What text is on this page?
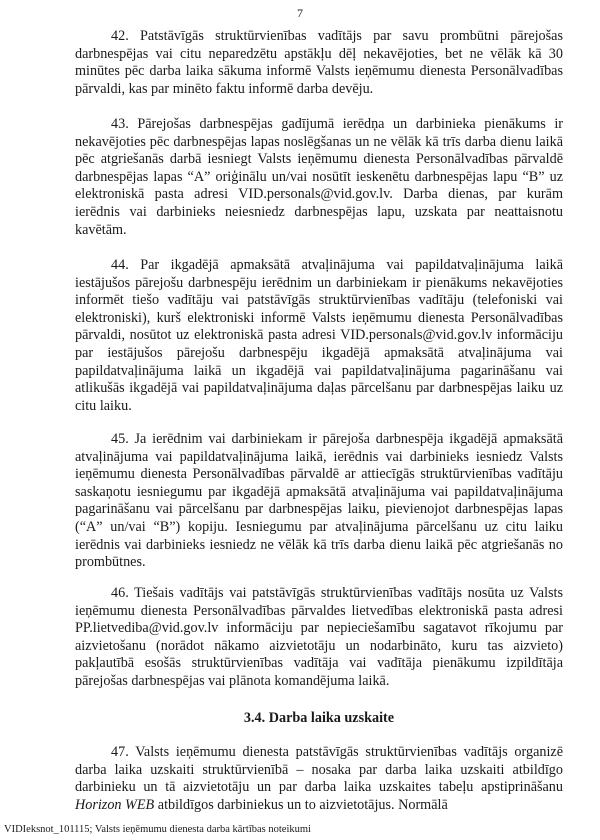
7

42. Patstāvīgās struktūrvienības vadītājs par savu prombūtni pārejošas darbnespējas vai citu neparedzētu apstākļu dēļ nekavējoties, bet ne vēlāk kā 30 minūtes pēc darba laika sākuma informē Valsts ieņēmumu dienesta Personālvadības pārvaldi, kas par minēto faktu informē darba devēju.

43. Pārejošas darbnespējas gadījumā ierēdņa un darbinieka pienākums ir nekavējoties pēc darbnespējas lapas noslēgšanas un ne vēlāk kā trīs darba dienu laikā pēc atgriešanās darbā iesniegt Valsts ieņēmumu dienesta Personālvadības pārvaldē darbnespējas lapas “A” oriģinālu un/vai nosūtīt ieskenētu darbnespējas lapu “B” uz elektroniskā pasta adresi VID.personals@vid.gov.lv. Darba dienas, par kurām ierēdnis vai darbinieks neiesniedz darbnespējas lapu, uzskata par neattaisnotu kavētām.

44. Par ikgadējā apmaksātā atvaļinājuma vai papildatvaļinājuma laikā iestājušos pārejošu darbnespēju ierēdnim un darbiniekam ir pienākums nekavējoties informēt tiešo vadītāju vai patstāvīgās struktūrvienības vadītāju (telefoniski vai elektroniski), kurš elektroniski informē Valsts ieņēmumu dienesta Personālvadības pārvaldi, nosūtot uz elektroniskā pasta adresi VID.personals@vid.gov.lv informāciju par iestājušos pārejošu darbnespēju ikgadējā apmaksātā atvaļinājuma vai papildatvaļinājuma laikā un ikgadējā vai papildatvaļinājuma pagarināšanu vai atlikušās ikgadējā vai papildatvaļinājuma daļas pārcelšanu par darbnespējas laiku uz citu laiku.

45. Ja ierēdnim vai darbiniekam ir pārejoša darbnespēja ikgadējā apmaksātā atvaļinājuma vai papildatvaļinājuma laikā, ierēdnis vai darbinieks iesniedz Valsts ieņēmumu dienesta Personālvadības pārvaldē ar attiecīgās struktūrvienības vadītāju saskaņotu iesniegumu par ikgadējā apmaksātā atvaļinājuma vai papildatvaļinājuma pagarināšanu vai pārcelšanu par darbnespējas laiku, pievienojot darbnespējas lapas (“A” un/vai “B”) kopiju. Iesniegumu par atvaļinājuma pārcelšanu uz citu laiku ierēdnis vai darbinieks iesniedz ne vēlāk kā trīs darba dienu laikā pēc atgriešanās no prombūtnes.

46. Tiešais vadītājs vai patstāvīgās struktūrvienības vadītājs nosūta uz Valsts ieņēmumu dienesta Personālvadības pārvaldes lietvedības elektroniskā pasta adresi PP.lietvediba@vid.gov.lv informāciju par nepieciešamību sagatavot rīkojumu par aizvietošanu (norādot nākamo aizvietotāju un nodarbināto, kuru tas aizvieto) pakļautībā esošās struktūrvienības vadītāja vai vadītāja pienākumu izpildītāja pārejošas darbnespējas vai plānota komandējuma laikā.

3.4. Darba laika uzskaite

47. Valsts ieņēmumu dienesta patstāvīgās struktūrvienības vadītājs organizē darba laika uzskaiti struktūrvienībā – nosaka par darba laika uzskaiti atbildīgo darbinieku un tā aizvietotāju un par darba laika uzskaites tabeļu apstiprināšanu Horizon WEB atbildīgos darbiniekus un to aizvietotājus. Normālā

VIDIeksnot_101115; Valsts ieņēmumu dienesta darba kārtības noteikumi
